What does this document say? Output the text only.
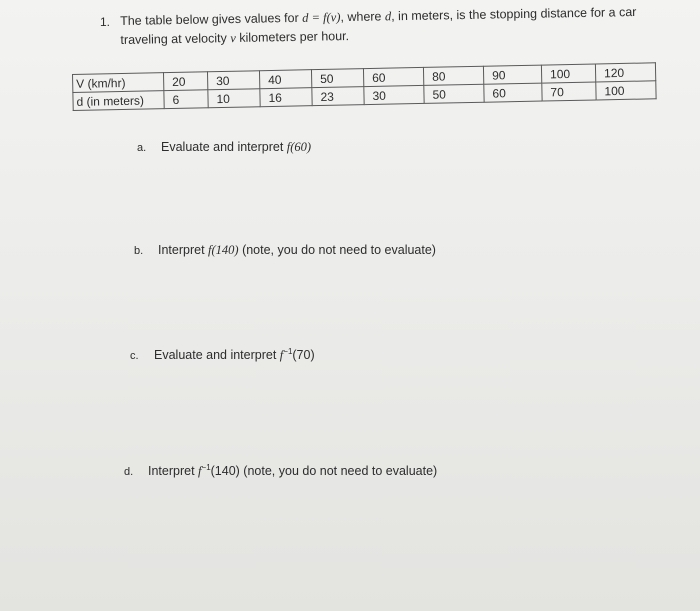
1. The table below gives values for d = f(v), where d, in meters, is the stopping distance for a car
traveling at velocity v kilometers per hour.
V (km/hr)	20	30	40	50	60	80	90	100	120
d (in meters)	6	10	16	23	30	50	60	70	100
a. Evaluate and interpret f(60)
b. Interpret f(140) (note, you do not need to evaluate)
c. Evaluate and interpret $f^{-1}(70)$
d. Interpret $f^{-1}(140)$ (note, you do not need to evaluate)
